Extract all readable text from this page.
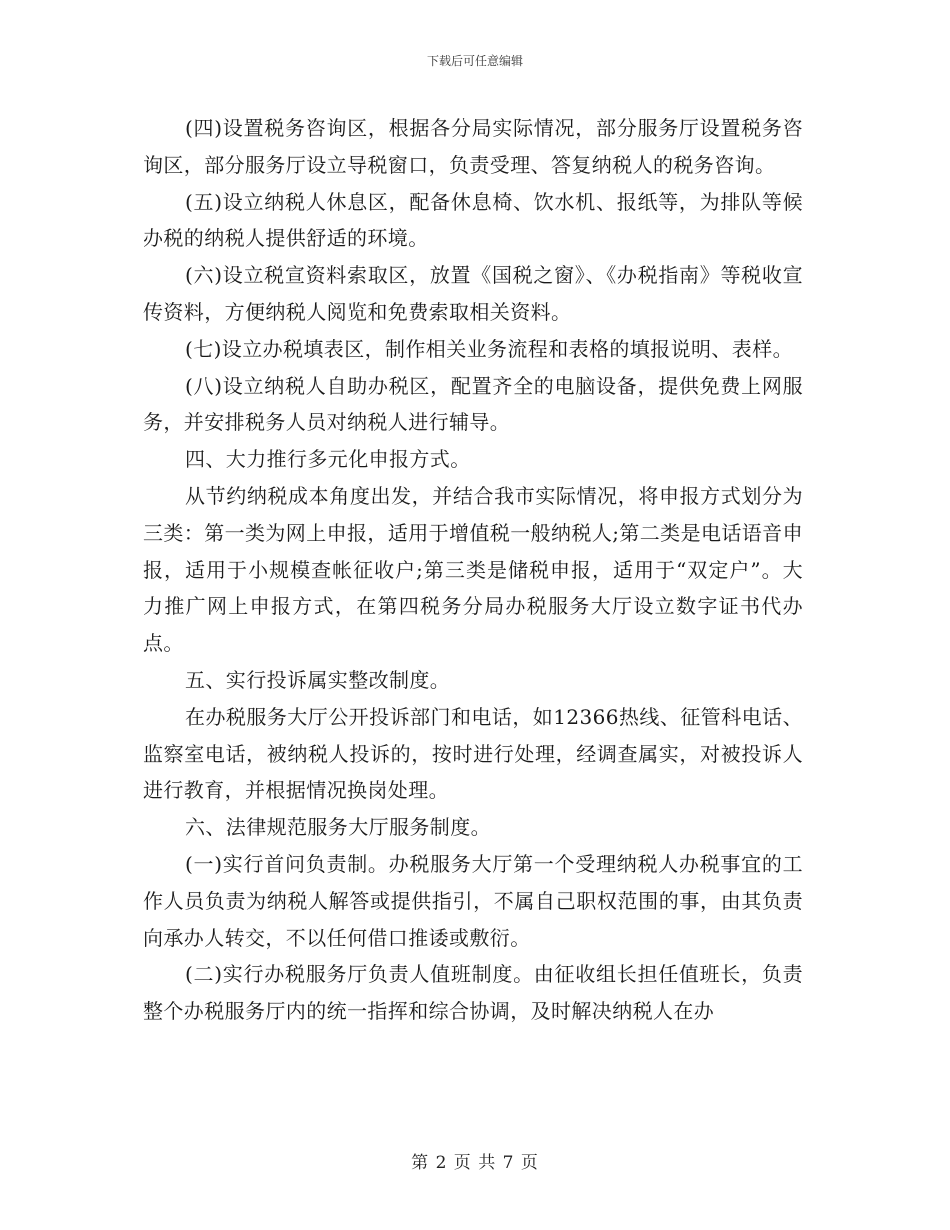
下载后可任意编辑

(四)设置税务咨询区，根据各分局实际情况，部分服务厅设置税务咨询区，部分服务厅设立导税窗口，负责受理、答复纳税人的税务咨询。

(五)设立纳税人休息区，配备休息椅、饮水机、报纸等，为排队等候办税的纳税人提供舒适的环境。

(六)设立税宣资料索取区，放置《国税之窗》、《办税指南》等税收宣传资料，方便纳税人阅览和免费索取相关资料。

(七)设立办税填表区，制作相关业务流程和表格的填报说明、表样。

(八)设立纳税人自助办税区，配置齐全的电脑设备，提供免费上网服务，并安排税务人员对纳税人进行辅导。

四、大力推行多元化申报方式。

从节约纳税成本角度出发，并结合我市实际情况，将申报方式划分为三类：第一类为网上申报，适用于增值税一般纳税人;第二类是电话语音申报，适用于小规模查帐征收户;第三类是储税申报，适用于“双定户”。大力推广网上申报方式，在第四税务分局办税服务大厅设立数字证书代办点。

五、实行投诉属实整改制度。

在办税服务大厅公开投诉部门和电话，如12366热线、征管科电话、监察室电话，被纳税人投诉的，按时进行处理，经调查属实，对被投诉人进行教育，并根据情况换岗处理。

六、法律规范服务大厅服务制度。

(一)实行首问负责制。办税服务大厅第一个受理纳税人办税事宜的工作人员负责为纳税人解答或提供指引，不属自己职权范围的事，由其负责向承办人转交，不以任何借口推诿或敷衍。

(二)实行办税服务厅负责人值班制度。由征收组长担任值班长，负责整个办税服务厅内的统一指挥和综合协调，及时解决纳税人在办

第 2 页 共 7 页
